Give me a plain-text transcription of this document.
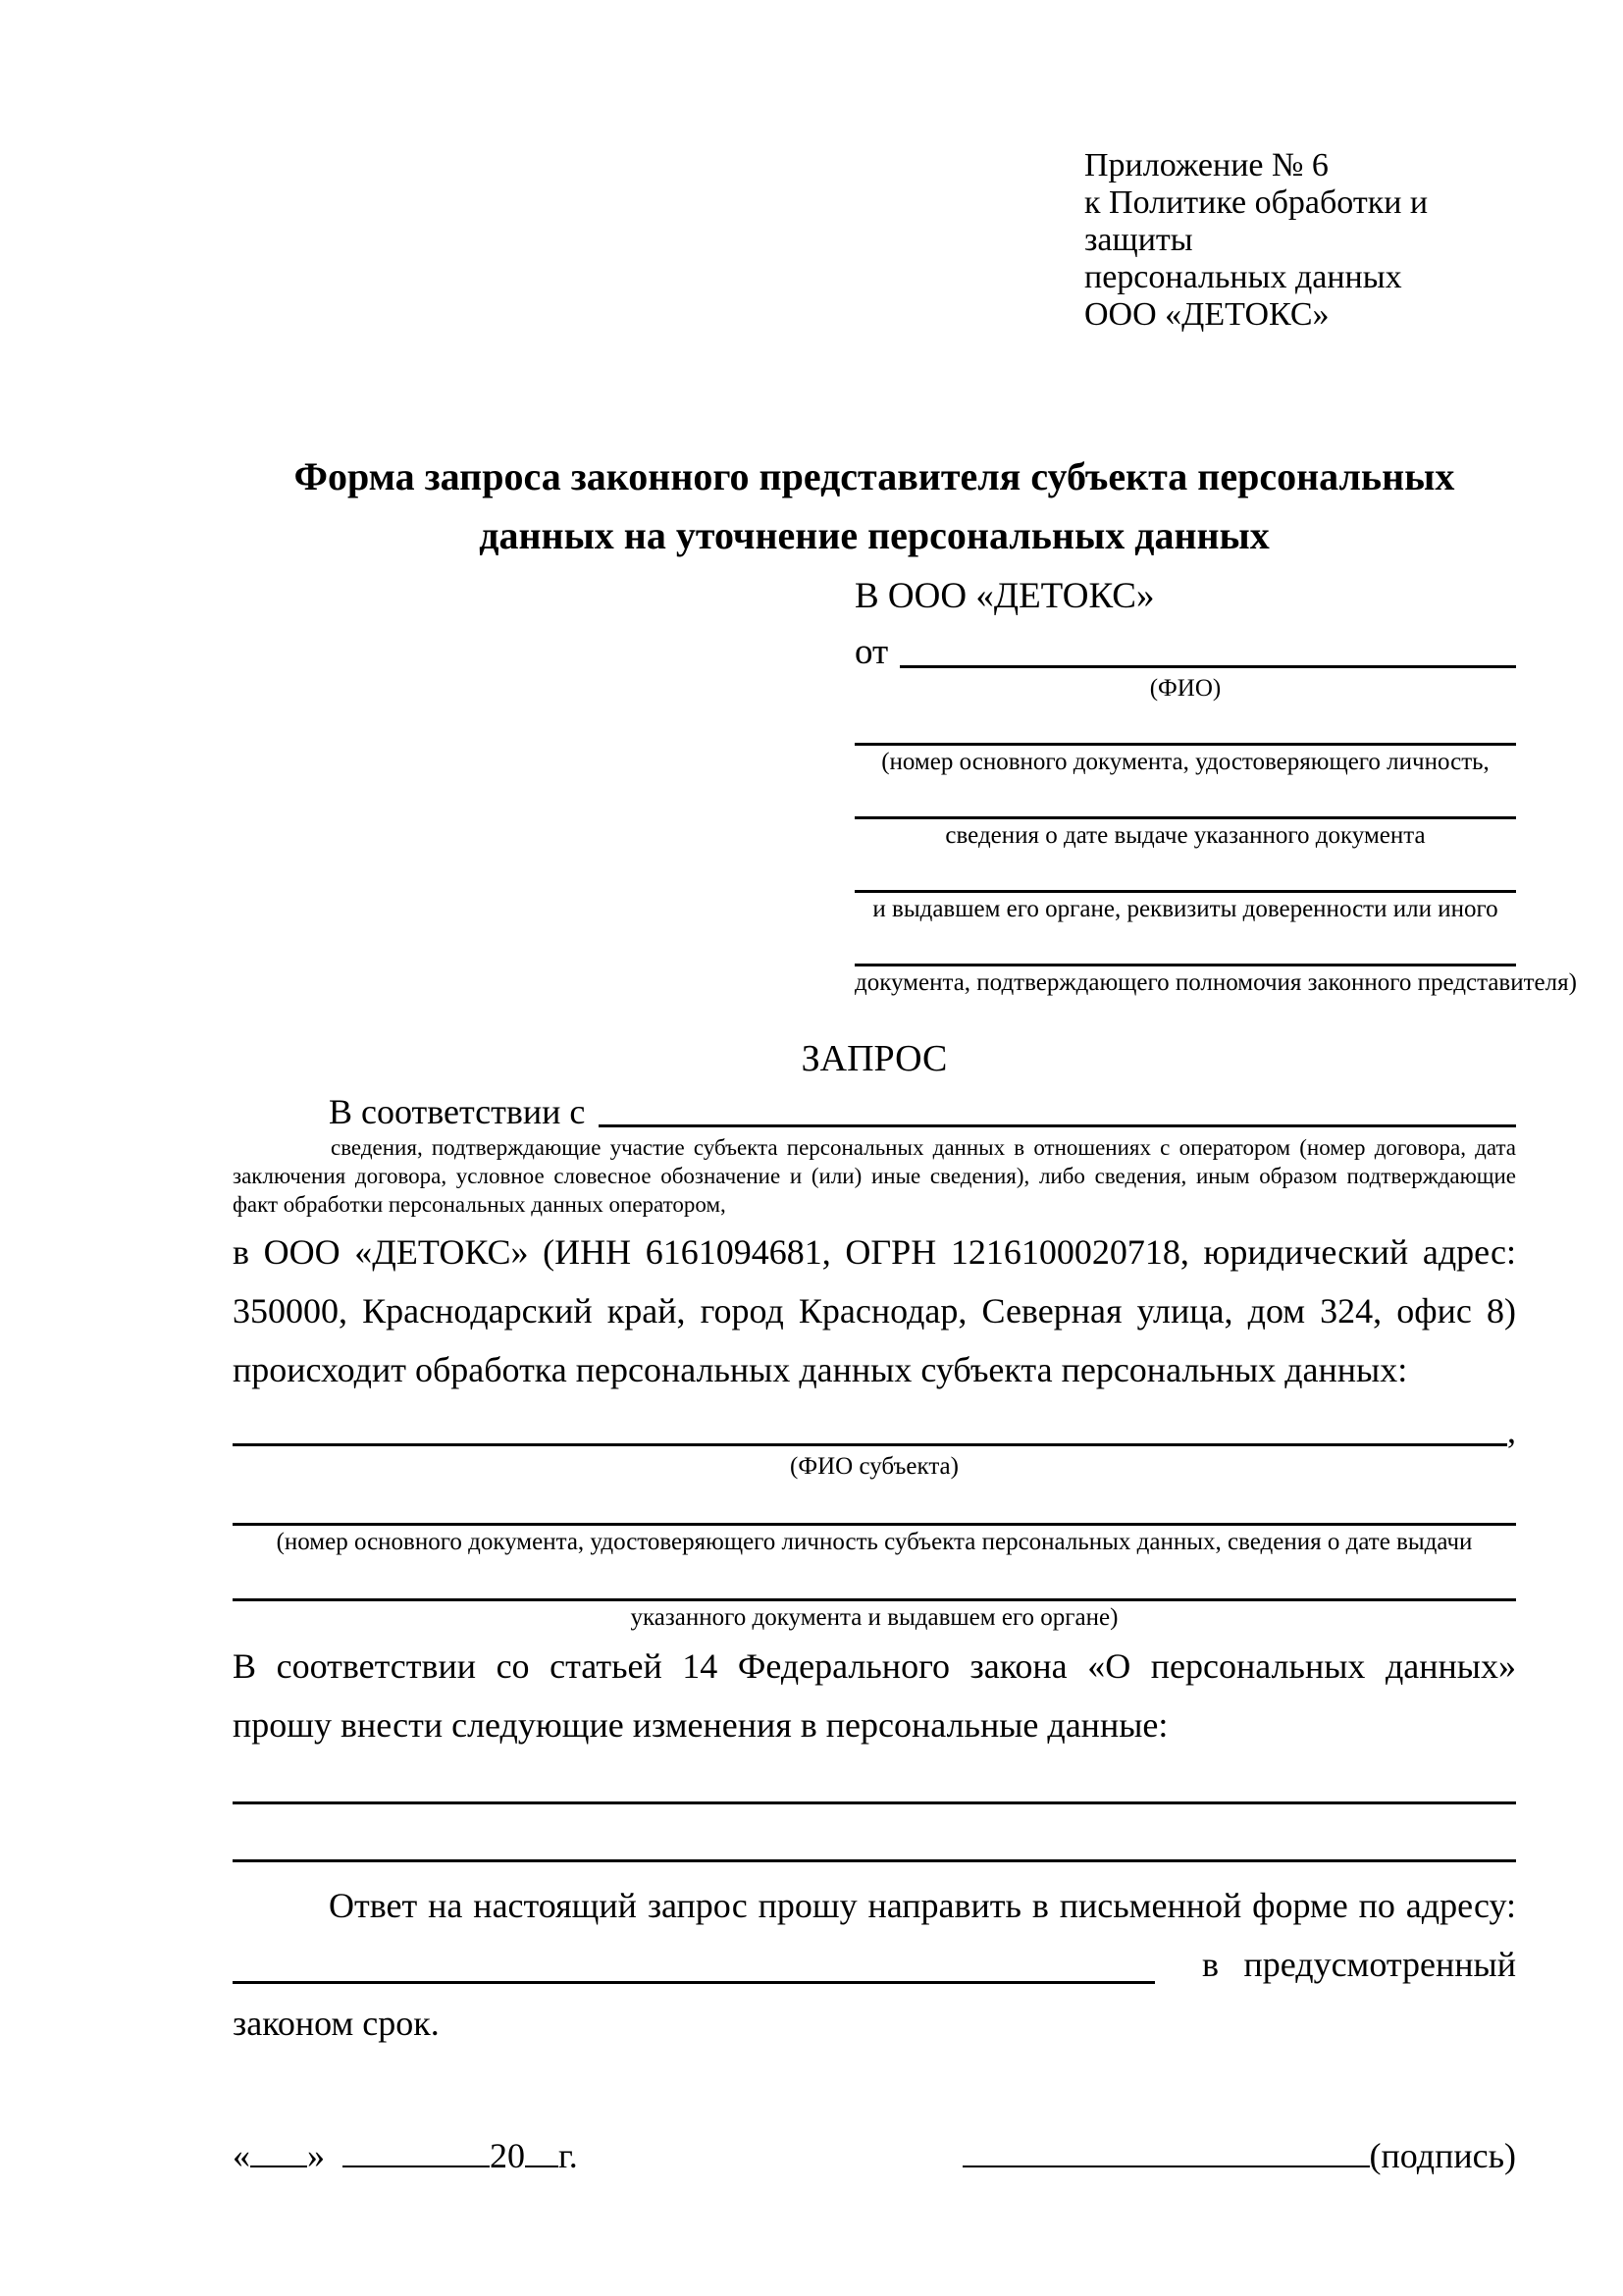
Приложение № 6
к Политике обработки и защиты
персональных данных
ООО «ДЕТОКС»
Форма запроса законного представителя субъекта персональных данных на уточнение персональных данных
В ООО «ДЕТОКС»
от
(ФИО)
(номер основного документа, удостоверяющего личность,
сведения о дате выдаче указанного документа
и выдавшем его органе, реквизиты доверенности или иного
документа, подтверждающего полномочия законного представителя)
ЗАПРОС
В соответствии с
сведения, подтверждающие участие субъекта персональных данных в отношениях с оператором (номер договора, дата заключения договора, условное словесное обозначение и (или) иные сведения), либо сведения, иным образом подтверждающие факт обработки персональных данных оператором,
в ООО «ДЕТОКС» (ИНН 6161094681, ОГРН 1216100020718, юридический адрес: 350000, Краснодарский край, город Краснодар, Северная улица, дом 324, офис 8) происходит обработка персональных данных субъекта персональных данных:
,
(ФИО субъекта)
(номер основного документа, удостоверяющего личность субъекта персональных данных, сведения о дате выдачи
указанного документа и выдавшем его органе)
В соответствии со статьей 14 Федерального закона «О персональных данных» прошу внести следующие изменения в персональные данные:
Ответ на настоящий запрос прошу направить в письменной форме по адресу:
в предусмотренный
законом срок.
« »	20 г.	(подпись)
